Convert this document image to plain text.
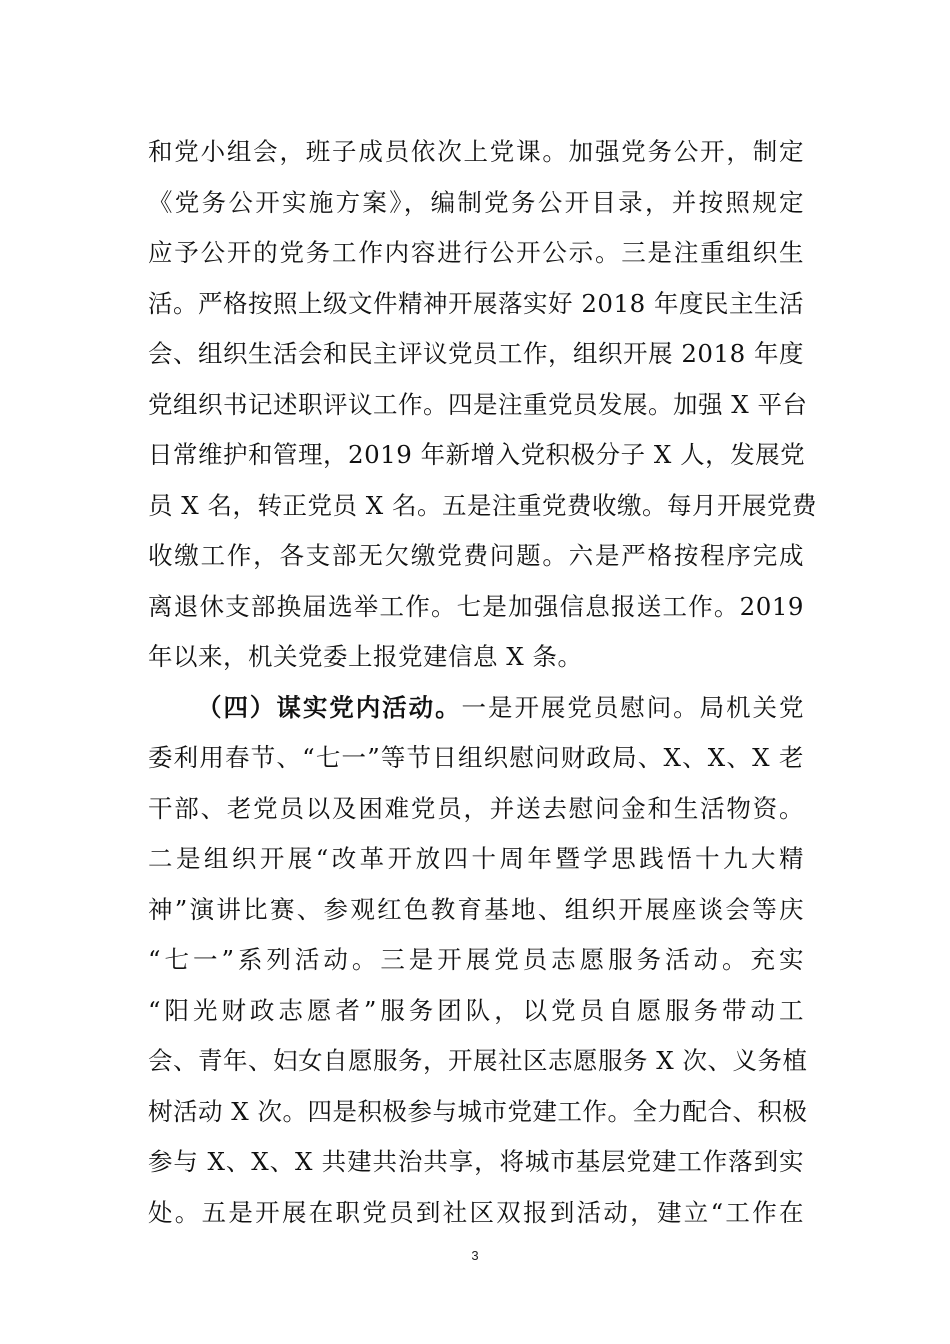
和党小组会，班子成员依次上党课。加强党务公开，制定
《党务公开实施方案》，编制党务公开目录，并按照规定
应予公开的党务工作内容进行公开公示。三是注重组织生
活。严格按照上级文件精神开展落实好 2018 年度民主生活
会、组织生活会和民主评议党员工作，组织开展 2018 年度
党组织书记述职评议工作。四是注重党员发展。加强 X 平台
日常维护和管理，2019 年新增入党积极分子 X 人，发展党
员 X 名，转正党员 X 名。五是注重党费收缴。每月开展党费
收缴工作，各支部无欠缴党费问题。六是严格按程序完成
离退休支部换届选举工作。七是加强信息报送工作。2019
年以来，机关党委上报党建信息 X 条。
（四）谋实党内活动。一是开展党员慰问。局机关党
委利用春节、“七一”等节日组织慰问财政局、X、X、X 老
干部、老党员以及困难党员，并送去慰问金和生活物资。
二是组织开展“改革开放四十周年暨学思践悟十九大精
神”演讲比赛、参观红色教育基地、组织开展座谈会等庆
“七一”系列活动。三是开展党员志愿服务活动。充实
“阳光财政志愿者”服务团队，以党员自愿服务带动工
会、青年、妇女自愿服务，开展社区志愿服务 X 次、义务植
树活动 X 次。四是积极参与城市党建工作。全力配合、积极
参与 X、X、X 共建共治共享，将城市基层党建工作落到实
处。五是开展在职党员到社区双报到活动，建立“工作在
3
